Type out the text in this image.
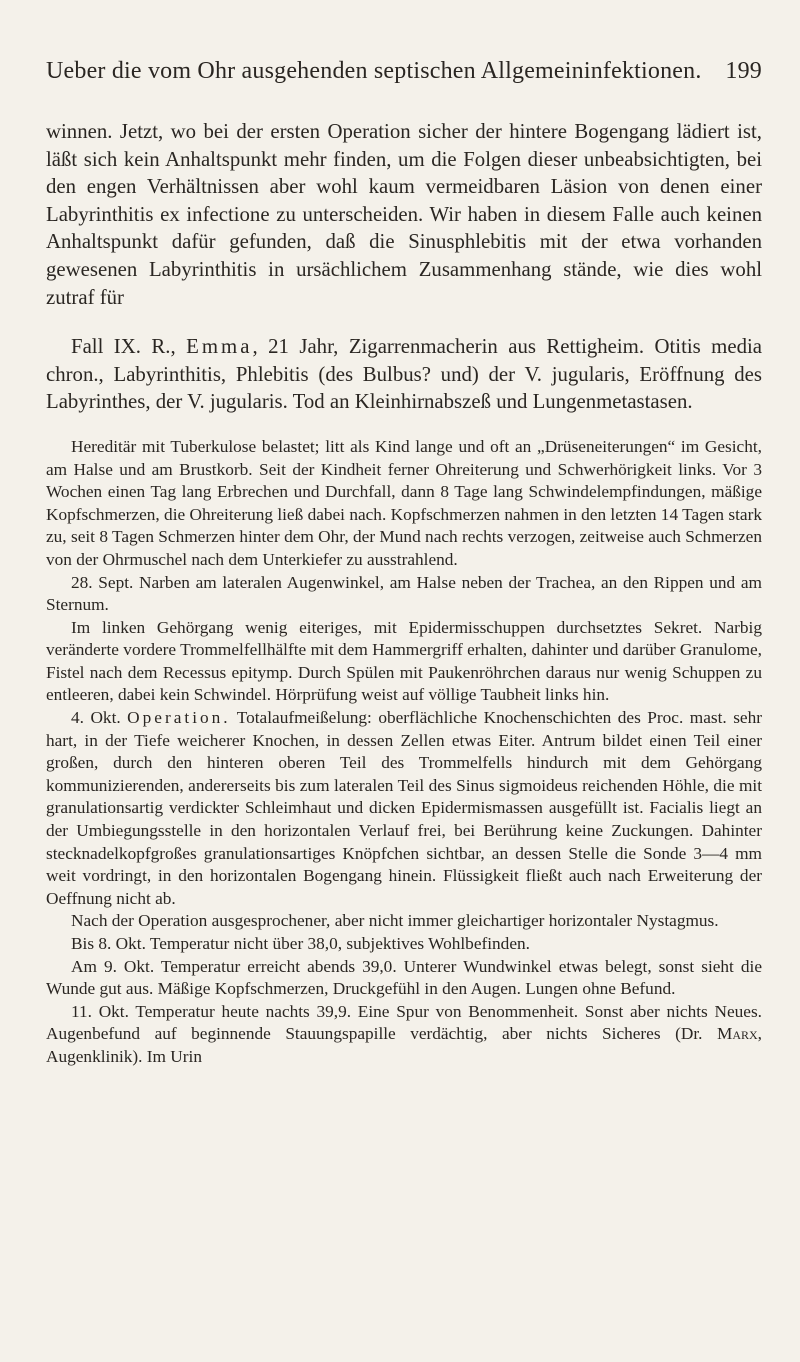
Ueber die vom Ohr ausgehenden septischen Allgemeininfektionen. 199

winnen. Jetzt, wo bei der ersten Operation sicher der hintere Bogengang lädiert ist, läßt sich kein Anhaltspunkt mehr finden, um die Folgen dieser unbeabsichtigten, bei den engen Verhältnissen aber wohl kaum vermeidbaren Läsion von denen einer Labyrinthitis ex infectione zu unterscheiden. Wir haben in diesem Falle auch keinen Anhaltspunkt dafür gefunden, daß die Sinusphlebitis mit der etwa vorhanden gewesenen Labyrinthitis in ursächlichem Zusammenhang stände, wie dies wohl zutraf für

Fall IX. R., Emma, 21 Jahr, Zigarrenmacherin aus Rettigheim. Otitis media chron., Labyrinthitis, Phlebitis (des Bulbus? und) der V. jugularis, Eröffnung des Labyrinthes, der V. jugularis. Tod an Kleinhirnabszeß und Lungenmetastasen.

Hereditär mit Tuberkulose belastet; litt als Kind lange und oft an „Drüseneiterungen“ im Gesicht, am Halse und am Brustkorb. Seit der Kindheit ferner Ohreiterung und Schwerhörigkeit links. Vor 3 Wochen einen Tag lang Erbrechen und Durchfall, dann 8 Tage lang Schwindelempfindungen, mäßige Kopfschmerzen, die Ohreiterung ließ dabei nach. Kopfschmerzen nahmen in den letzten 14 Tagen stark zu, seit 8 Tagen Schmerzen hinter dem Ohr, der Mund nach rechts verzogen, zeitweise auch Schmerzen von der Ohrmuschel nach dem Unterkiefer zu ausstrahlend.

28. Sept. Narben am lateralen Augenwinkel, am Halse neben der Trachea, an den Rippen und am Sternum.

Im linken Gehörgang wenig eiteriges, mit Epidermisschuppen durchsetztes Sekret. Narbig veränderte vordere Trommelfellhälfte mit dem Hammergriff erhalten, dahinter und darüber Granulome, Fistel nach dem Recessus epitymp. Durch Spülen mit Paukenröhrchen daraus nur wenig Schuppen zu entleeren, dabei kein Schwindel. Hörprüfung weist auf völlige Taubheit links hin.

4. Okt. Operation. Totalaufmeißelung: oberflächliche Knochenschichten des Proc. mast. sehr hart, in der Tiefe weicherer Knochen, in dessen Zellen etwas Eiter. Antrum bildet einen Teil einer großen, durch den hinteren oberen Teil des Trommelfells hindurch mit dem Gehörgang kommunizierenden, andererseits bis zum lateralen Teil des Sinus sigmoideus reichenden Höhle, die mit granulationsartig verdickter Schleimhaut und dicken Epidermismassen ausgefüllt ist. Facialis liegt an der Umbiegungsstelle in den horizontalen Verlauf frei, bei Berührung keine Zuckungen. Dahinter stecknadelkopfgroßes granulationsartiges Knöpfchen sichtbar, an dessen Stelle die Sonde 3—4 mm weit vordringt, in den horizontalen Bogengang hinein. Flüssigkeit fließt auch nach Erweiterung der Oeffnung nicht ab.

Nach der Operation ausgesprochener, aber nicht immer gleichartiger horizontaler Nystagmus.

Bis 8. Okt. Temperatur nicht über 38,0, subjektives Wohlbefinden.

Am 9. Okt. Temperatur erreicht abends 39,0. Unterer Wundwinkel etwas belegt, sonst sieht die Wunde gut aus. Mäßige Kopfschmerzen, Druckgefühl in den Augen. Lungen ohne Befund.

11. Okt. Temperatur heute nachts 39,9. Eine Spur von Benommenheit. Sonst aber nichts Neues. Augenbefund auf beginnende Stauungspapille verdächtig, aber nichts Sicheres (Dr. Marx, Augenklinik). Im Urin
